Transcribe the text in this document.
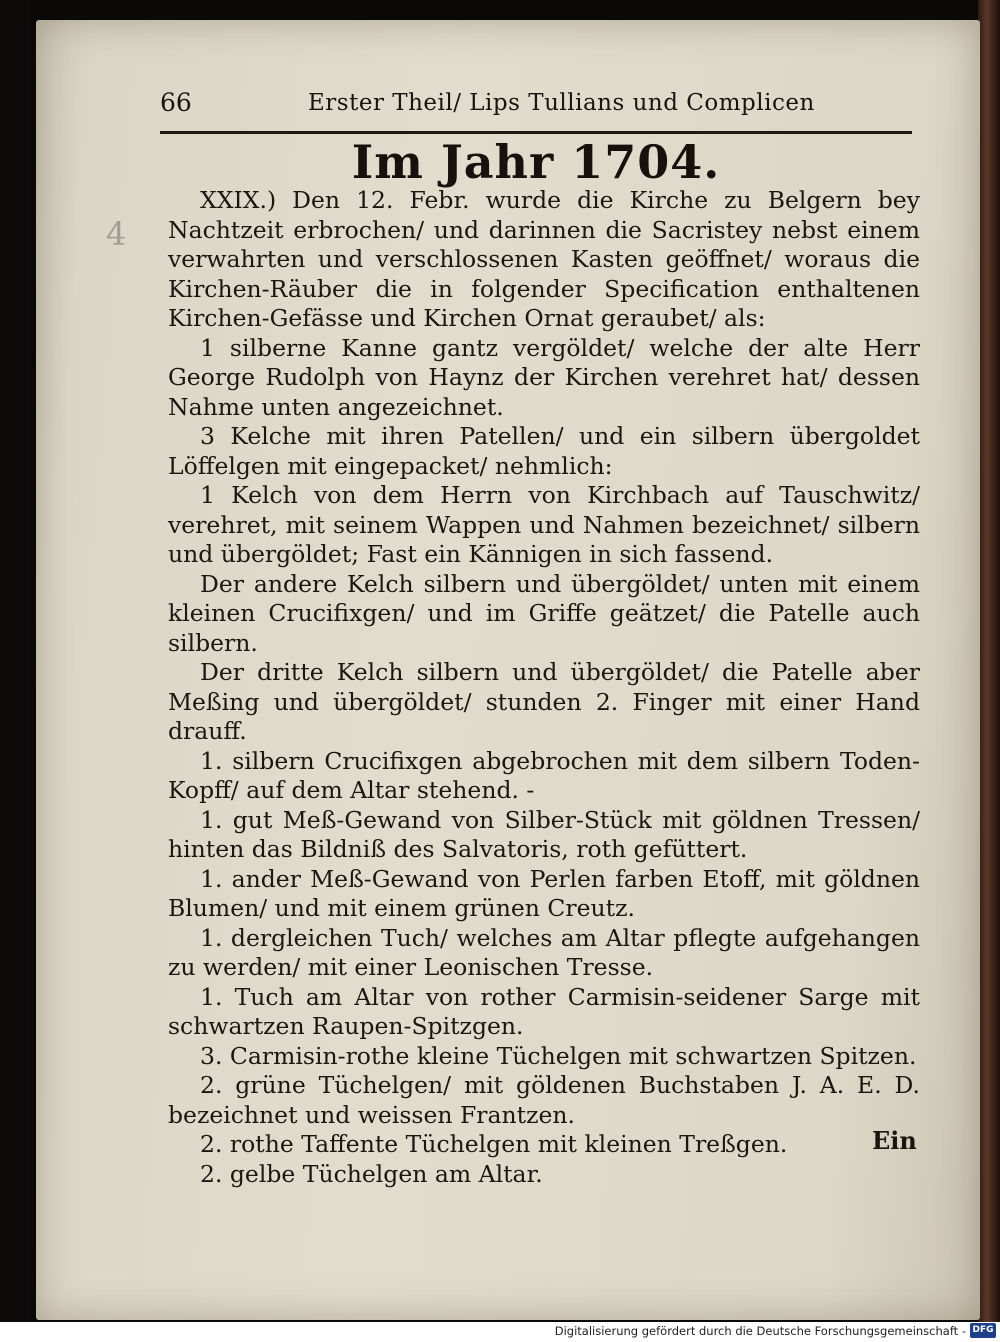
4
66	Erster Theil/ Lips Tullians und Complicen
Im Jahr 1704.

XXIX.) Den 12. Febr. wurde die Kirche zu Belgern bey Nachtzeit erbrochen/ und darinnen die Sacristey nebst einem verwahrten und verschlossenen Kasten geöffnet/ woraus die Kirchen-Räuber die in folgender Specification enthaltenen Kirchen-Gefässe und Kirchen Ornat geraubet/ als:

1 silberne Kanne gantz vergöldet/ welche der alte Herr George Rudolph von Haynz der Kirchen verehret hat/ dessen Nahme unten angezeichnet.

3 Kelche mit ihren Patellen/ und ein silbern übergoldet Löffelgen mit eingepacket/ nehmlich:

1 Kelch von dem Herrn von Kirchbach auf Tauschwitz/ verehret, mit seinem Wappen und Nahmen bezeichnet/ silbern und übergöldet; Fast ein Kännigen in sich fassend.

Der andere Kelch silbern und übergöldet/ unten mit einem kleinen Crucifixgen/ und im Griffe geätzet/ die Patelle auch silbern.

Der dritte Kelch silbern und übergöldet/ die Patelle aber Meßing und übergöldet/ stunden 2. Finger mit einer Hand drauff.

1. silbern Crucifixgen abgebrochen mit dem silbern Toden-Kopff/ auf dem Altar stehend. -

1. gut Meß-Gewand von Silber-Stück mit göldnen Tressen/ hinten das Bildniß des Salvatoris, roth gefüttert.

1. ander Meß-Gewand von Perlen farben Etoff, mit göldnen Blumen/ und mit einem grünen Creutz.

1. dergleichen Tuch/ welches am Altar pflegte aufgehangen zu werden/ mit einer Leonischen Tresse.

1. Tuch am Altar von rother Carmisin-seidener Sarge mit schwartzen Raupen-Spitzgen.

3. Carmisin-rothe kleine Tüchelgen mit schwartzen Spitzen.

2. grüne Tüchelgen/ mit göldenen Buchstaben J. A. E. D. bezeichnet und weissen Frantzen.

2. rothe Taffente Tüchelgen mit kleinen Treßgen.

2. gelbe Tüchelgen am Altar.

Ein
Digitalisierung gefördert durch die Deutsche Forschungsgemeinschaft - DFG
